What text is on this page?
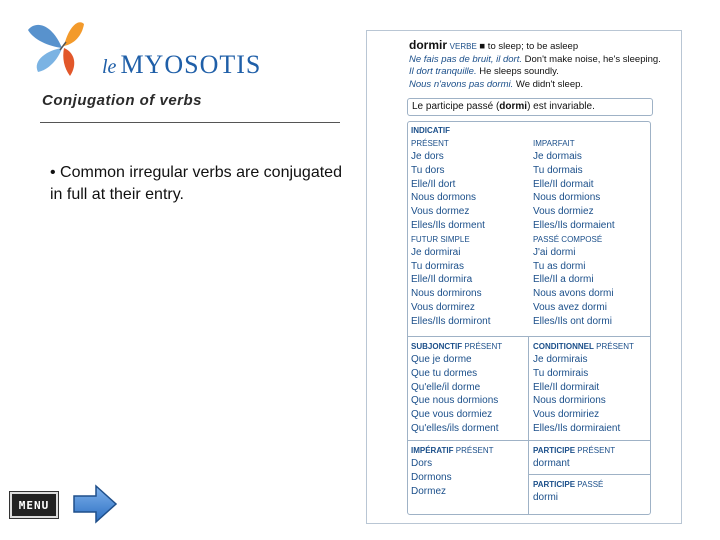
le MYOSOTIS
Conjugation of verbs
• Common irregular verbs are conjugated in full at their entry.
MENU
dormir VERBE ■ to sleep; to be asleep
Ne fais pas de bruit, il dort. Don't make noise, he's sleeping.
Il dort tranquille. He sleeps soundly.
Nous n'avons pas dormi. We didn't sleep.
Le participe passé (dormi) est invariable.
INDICATIF
PRÉSENT
Je dors
Tu dors
Elle/Il dort
Nous dormons
Vous dormez
Elles/Ils dorment
FUTUR SIMPLE
Je dormirai
Tu dormiras
Elle/Il dormira
Nous dormirons
Vous dormirez
Elles/Ils dormiront
IMPARFAIT
Je dormais
Tu dormais
Elle/Il dormait
Nous dormions
Vous dormiez
Elles/Ils dormaient
PASSÉ COMPOSÉ
J'ai dormi
Tu as dormi
Elle/Il a dormi
Nous avons dormi
Vous avez dormi
Elles/Ils ont dormi
SUBJONCTIF PRÉSENT
Que je dorme
Que tu dormes
Qu'elle/il dorme
Que nous dormions
Que vous dormiez
Qu'elles/ils dorment
CONDITIONNEL PRÉSENT
Je dormirais
Tu dormirais
Elle/Il dormirait
Nous dormirions
Vous dormiriez
Elles/Ils dormiraient
IMPÉRATIF PRÉSENT
Dors
Dormons
Dormez
PARTICIPE PRÉSENT
dormant
PARTICIPE PASSÉ
dormi
